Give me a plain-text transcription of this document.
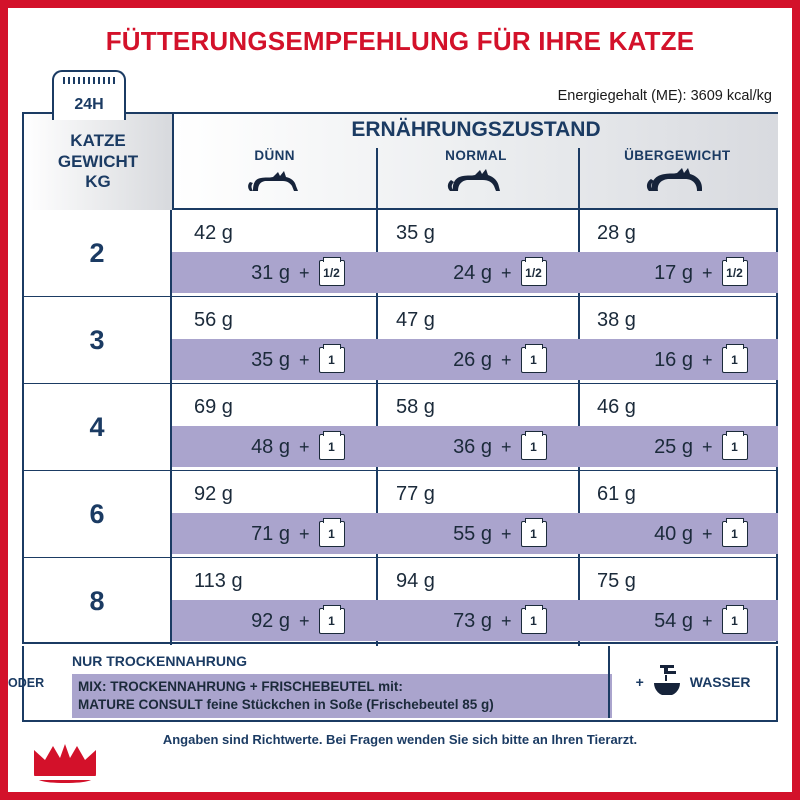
FÜTTERUNGSEMPFEHLUNG FÜR IHRE KATZE
Energiegehalt (ME): 3609 kcal/kg
24H
KATZE
GEWICHT
KG
ERNÄHRUNGSZUSTAND
DÜNN	NORMAL	ÜBERGEWICHT
2
42 g	35 g	28 g
31 g +	1/2	24 g +	1/2	17 g +	1/2
3
56 g	47 g	38 g
35 g +	1	26 g +	1	16 g +	1
4
69 g	58 g	46 g
48 g +	1	36 g +	1	25 g +	1
6
92 g	77 g	61 g
71 g +	1	55 g +	1	40 g +	1
8
113 g	94 g	75 g
92 g +	1	73 g +	1	54 g +	1
ODER
NUR TROCKENNAHRUNG
MIX: TROCKENNAHRUNG + FRISCHEBEUTEL mit:
MATURE CONSULT feine Stückchen in Soße (Frischebeutel 85 g)
+	WASSER
Angaben sind Richtwerte. Bei Fragen wenden Sie sich bitte an Ihren Tierarzt.
